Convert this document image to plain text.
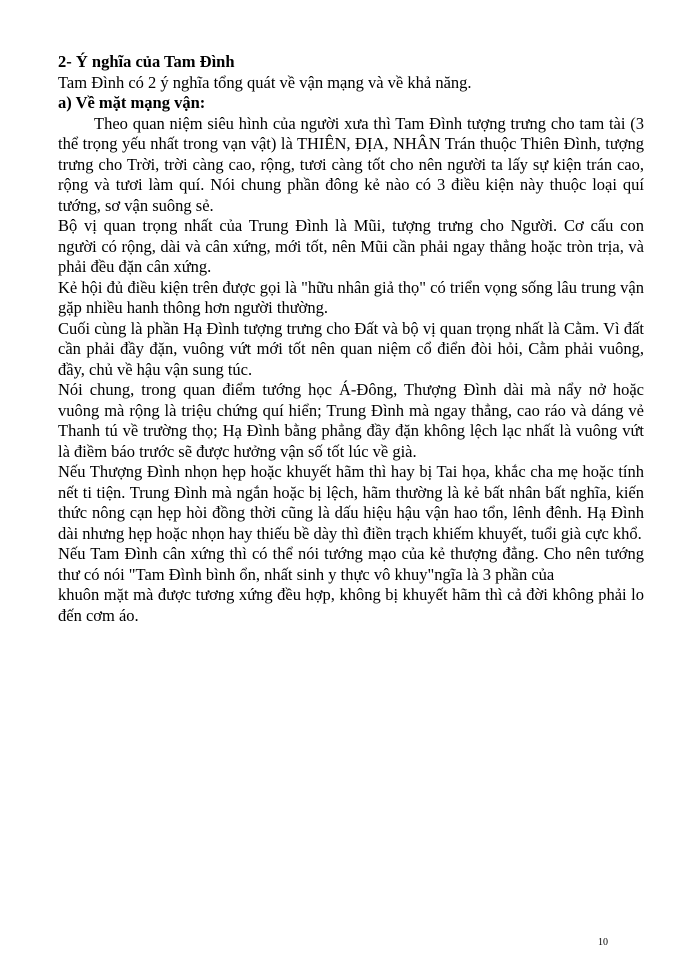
2- Ý nghĩa của Tam Đình

Tam Đình có 2 ý nghĩa tổng quát về vận mạng và về khả năng.

a) Về mặt mạng vận:

Theo quan niệm siêu hình của người xưa thì Tam Đình tượng trưng cho tam tài (3 thể trọng yếu nhất trong vạn vật) là THIÊN, ĐỊA, NHÂN Trán thuộc Thiên Đình, tượng trưng cho Trời, trời càng cao, rộng, tươi càng tốt cho nên người ta lấy sự kiện trán cao, rộng và tươi làm quí. Nói chung phần đông kẻ nào có 3 điều kiện này thuộc loại quí tướng, sơ vận suông sẻ.

Bộ vị quan trọng nhất của Trung Đình là Mũi, tượng trưng cho Người. Cơ cấu con người có rộng, dài và cân xứng, mới tốt, nên Mũi cần phải ngay thẳng hoặc tròn trịa, và phải đều đặn cân xứng.

Kẻ hội đủ điều kiện trên được gọi là "hữu nhân giả thọ" có triển vọng sống lâu trung vận gặp nhiều hanh thông hơn người thường.

Cuối cùng là phần Hạ Đình tượng trưng cho Đất và bộ vị quan trọng nhất là Cằm. Vì đất cần phải đầy đặn, vuông vứt mới tốt nên quan niệm cổ điển đòi hỏi, Cằm phải vuông, đầy, chủ về hậu vận sung túc.

Nói chung, trong quan điểm tướng học Á-Đông, Thượng Đình dài mà nẩy nở hoặc vuông mà rộng là triệu chứng quí hiển; Trung Đình mà ngay thẳng, cao ráo và dáng vẻ Thanh tú về trường thọ; Hạ Đình bằng phẳng đầy đặn không lệch lạc nhất là vuông vứt là điềm báo trước sẽ được hưởng vận số tốt lúc về già.

Nếu Thượng Đình nhọn hẹp hoặc khuyết hãm thì hay bị Tai họa, khắc cha mẹ hoặc tính nết ti tiện. Trung Đình mà ngắn hoặc bị lệch, hãm thường là kẻ bất nhân bất nghĩa, kiến thức nông cạn hẹp hòi đồng thời cũng là dấu hiệu hậu vận hao tổn, lênh đênh. Hạ Đình dài nhưng hẹp hoặc nhọn hay thiếu bề dày thì điền trạch khiếm khuyết, tuổi già cực khổ.

Nếu Tam Đình cân xứng thì có thể nói tướng mạo của kẻ thượng đẳng. Cho nên tướng thư có nói "Tam Đình bình ổn, nhất sinh y thực vô khuy"ngĩa là 3 phần của

khuôn mặt mà được tương xứng đều hợp, không bị khuyết hãm thì cả đời không phải lo đến cơm áo.

10
